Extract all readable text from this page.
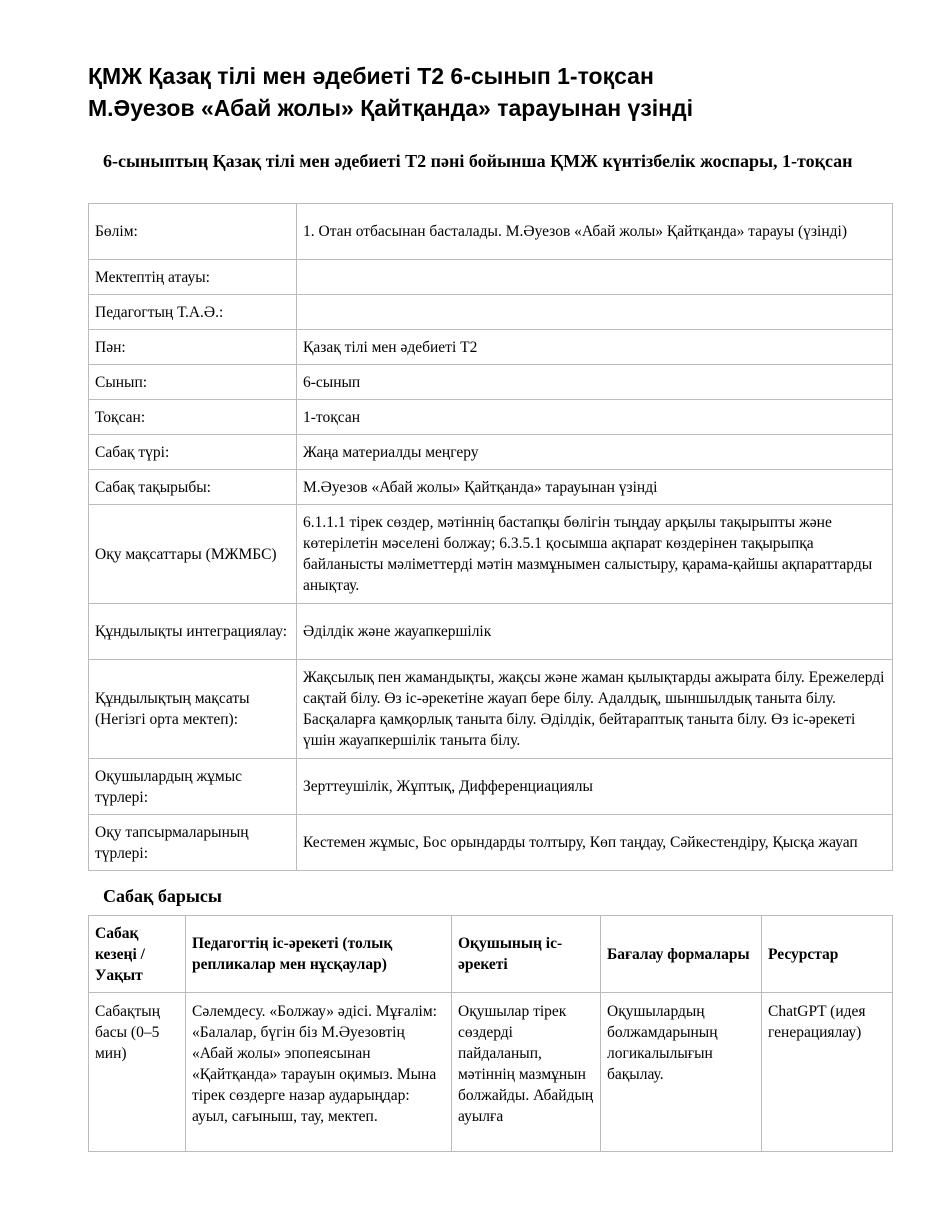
ҚМЖ Қазақ тілі мен әдебиеті Т2 6-сынып 1-тоқсан
М.Әуезов «Абай жолы» Қайтқанда» тарауынан үзінді
6-сыныптың Қазақ тілі мен әдебиеті Т2 пәні бойынша ҚМЖ күнтізбелік жоспары, 1-тоқсан
Бөлім:	1. Отан отбасынан басталады. М.Әуезов «Абай жолы» Қайтқанда» тарауы (үзінді)
Мектептің атауы:	
Педагогтың Т.А.Ә.:	
Пән:	Қазақ тілі мен әдебиеті Т2
Сынып:	6-сынып
Тоқсан:	1-тоқсан
Сабақ түрі:	Жаңа материалды меңгеру
Сабақ тақырыбы:	М.Әуезов «Абай жолы» Қайтқанда» тарауынан үзінді
Оқу мақсаттары (МЖМБС)	6.1.1.1 тірек сөздер, мәтіннің бастапқы бөлігін тыңдау арқылы тақырыпты және көтерілетін мәселені болжау; 6.3.5.1 қосымша ақпарат көздерінен тақырыпқа байланысты мәліметтерді мәтін мазмұнымен салыстыру, қарама-қайшы ақпараттарды анықтау.
Құндылықты интеграциялау:	Әділдік және жауапкершілік
Құндылықтың мақсаты (Негізгі орта мектеп):	Жақсылық пен жамандықты, жақсы және жаман қылықтарды ажырата білу. Ережелерді сақтай білу. Өз іс-әрекетіне жауап бере білу. Адалдық, шыншылдық таныта білу. Басқаларға қамқорлық таныта білу. Әділдік, бейтараптық таныта білу. Өз іс-әрекеті үшін жауапкершілік таныта білу.
Оқушылардың жұмыс түрлері:	Зерттеушілік, Жұптық, Дифференциациялы
Оқу тапсырмаларының түрлері:	Кестемен жұмыс, Бос орындарды толтыру, Көп таңдау, Сәйкестендіру, Қысқа жауап
Сабақ барысы
Сабақ кезеңі / Уақыт	Педагогтің іс-әрекеті (толық репликалар мен нұсқаулар)	Оқушының іс-әрекеті	Бағалау формалары	Ресурстар
Сабақтың басы (0–5 мин)	Сәлемдесу. «Болжау» әдісі. Мұғалім: «Балалар, бүгін біз М.Әуезовтің «Абай жолы» эпопеясынан «Қайтқанда» тарауын оқимыз. Мына тірек сөздерге назар аударыңдар: ауыл, сағыныш, тау, мектеп.	Оқушылар тірек сөздерді пайдаланып, мәтіннің мазмұнын болжайды. Абайдың ауылға	Оқушылардың болжамдарының логикалылығын бақылау.	ChatGPT (идея генерациялау)
